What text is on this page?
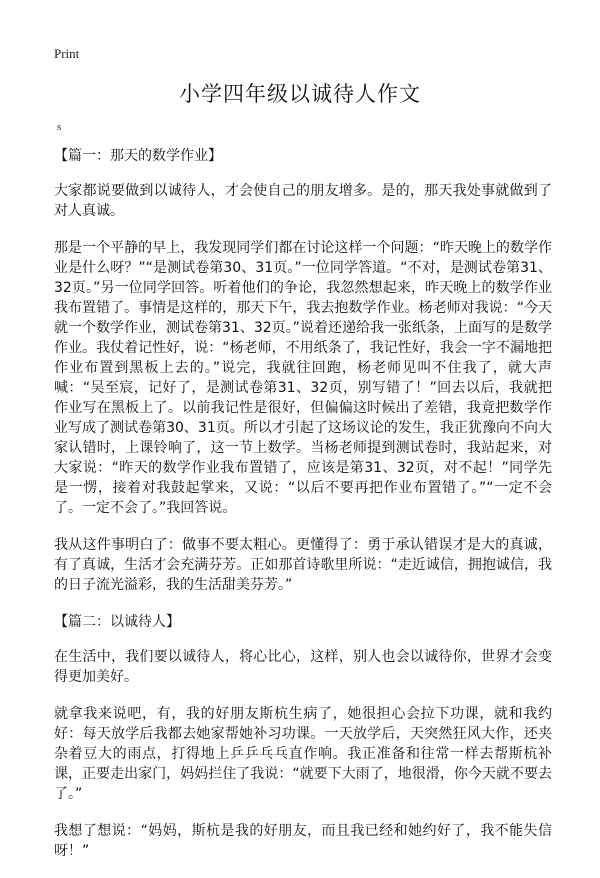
Print
小学四年级以诚待人作文
s
【篇一：那天的数学作业】

大家都说要做到以诚待人，才会使自己的朋友增多。是的，那天我处事就做到了对人真诚。

那是一个平静的早上，我发现同学们都在讨论这样一个问题：“昨天晚上的数学作业是什么呀？”“是测试卷第30、31页。”一位同学答道。“不对，是测试卷第31、32页。”另一位同学回答。听着他们的争论，我忽然想起来，昨天晚上的数学作业我布置错了。事情是这样的，那天下午，我去抱数学作业。杨老师对我说：“今天就一个数学作业，测试卷第31、32页。”说着还递给我一张纸条，上面写的是数学作业。我仗着记性好，说：“杨老师，不用纸条了，我记性好，我会一字不漏地把作业布置到黑板上去的。”说完，我就往回跑，杨老师见叫不住我了，就大声喊：“吴至宸，记好了，是测试卷第31、32页，别写错了！”回去以后，我就把作业写在黑板上了。以前我记性是很好，但偏偏这时候出了差错，我竟把数学作业写成了测试卷第30、31页。所以才引起了这场议论的发生，我正犹豫向不向大家认错时，上课铃响了，这一节上数学。当杨老师提到测试卷时，我站起来，对大家说：“昨天的数学作业我布置错了，应该是第31、32页，对不起！”同学先是一愣，接着对我鼓起掌来，又说：“以后不要再把作业布置错了。”“一定不会了。一定不会了。”我回答说。

我从这件事明白了：做事不要太粗心。更懂得了：勇于承认错误才是大的真诚，有了真诚，生活才会充满芬芳。正如那首诗歌里所说：“走近诚信，拥抱诚信，我的日子流光溢彩，我的生活甜美芬芳。”

【篇二：以诚待人】

在生活中，我们要以诚待人，将心比心，这样，别人也会以诚待你，世界才会变得更加美好。

就拿我来说吧，有，我的好朋友斯杭生病了，她很担心会拉下功课，就和我约好：每天放学后我都去她家帮她补习功课。一天放学后，天突然狂风大作，还夹杂着豆大的雨点，打得地上乒乒乓乓直作响。我正准备和往常一样去帮斯杭补课，正要走出家门，妈妈拦住了我说：“就要下大雨了，地很滑，你今天就不要去了。”

我想了想说：“妈妈，斯杭是我的好朋友，而且我已经和她约好了，我不能失信呀！”
